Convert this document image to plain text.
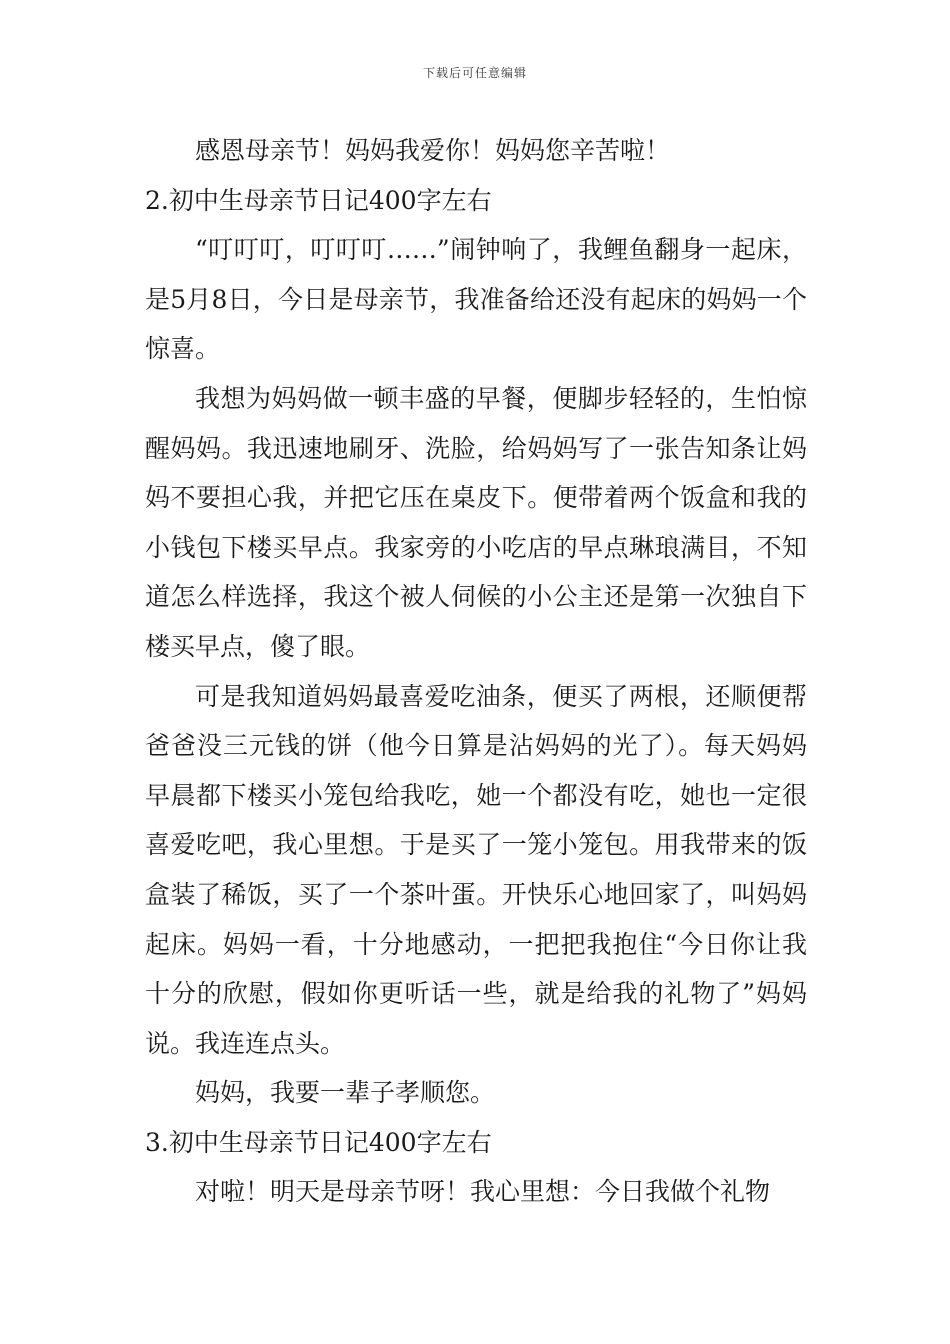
下载后可任意编辑

感恩母亲节！妈妈我爱你！妈妈您辛苦啦！

2.初中生母亲节日记400字左右

“叮叮叮，叮叮叮……”闹钟响了，我鲤鱼翻身一起床，是5月8日，今日是母亲节，我准备给还没有起床的妈妈一个惊喜。

我想为妈妈做一顿丰盛的早餐，便脚步轻轻的，生怕惊醒妈妈。我迅速地刷牙、洗脸，给妈妈写了一张告知条让妈妈不要担心我，并把它压在桌皮下。便带着两个饭盒和我的小钱包下楼买早点。我家旁的小吃店的早点琳琅满目，不知道怎么样选择，我这个被人伺候的小公主还是第一次独自下楼买早点，傻了眼。

可是我知道妈妈最喜爱吃油条，便买了两根，还顺便帮爸爸没三元钱的饼（他今日算是沾妈妈的光了）。每天妈妈早晨都下楼买小笼包给我吃，她一个都没有吃，她也一定很喜爱吃吧，我心里想。于是买了一笼小笼包。用我带来的饭盒装了稀饭，买了一个茶叶蛋。开快乐心地回家了，叫妈妈起床。妈妈一看，十分地感动，一把把我抱住“今日你让我十分的欣慰，假如你更听话一些，就是给我的礼物了”妈妈说。我连连点头。

妈妈，我要一辈子孝顺您。

3.初中生母亲节日记400字左右

对啦！明天是母亲节呀！我心里想：今日我做个礼物
